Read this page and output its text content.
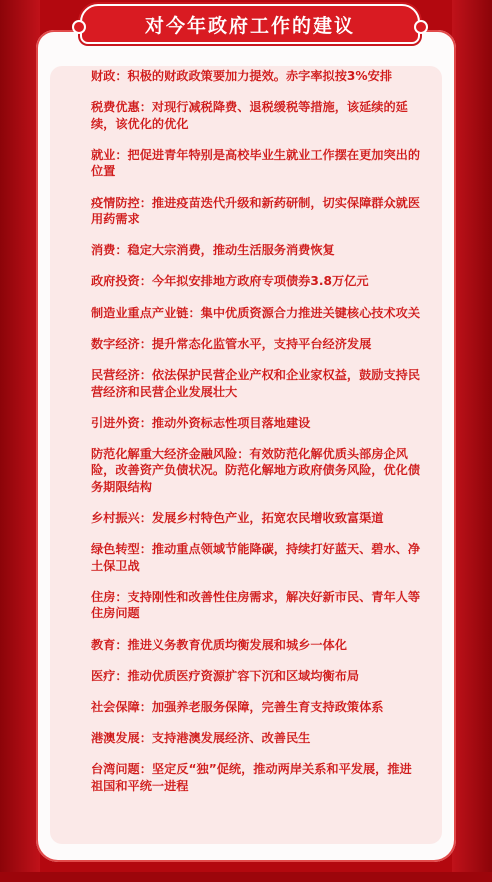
对今年政府工作的建议
财政：积极的财政政策要加力提效。赤字率拟按3%安排
税费优惠：对现行减税降费、退税缓税等措施，该延续的延续，该优化的优化
就业：把促进青年特别是高校毕业生就业工作摆在更加突出的位置
疫情防控：推进疫苗迭代升级和新药研制，切实保障群众就医用药需求
消费：稳定大宗消费，推动生活服务消费恢复
政府投资：今年拟安排地方政府专项债券3.8万亿元
制造业重点产业链：集中优质资源合力推进关键核心技术攻关
数字经济：提升常态化监管水平，支持平台经济发展
民营经济：依法保护民营企业产权和企业家权益，鼓励支持民营经济和民营企业发展壮大
引进外资：推动外资标志性项目落地建设
防范化解重大经济金融风险：有效防范化解优质头部房企风险，改善资产负债状况。防范化解地方政府债务风险，优化债务期限结构
乡村振兴：发展乡村特色产业，拓宽农民增收致富渠道
绿色转型：推动重点领域节能降碳，持续打好蓝天、碧水、净土保卫战
住房：支持刚性和改善性住房需求，解决好新市民、青年人等住房问题
教育：推进义务教育优质均衡发展和城乡一体化
医疗：推动优质医疗资源扩容下沉和区域均衡布局
社会保障：加强养老服务保障，完善生育支持政策体系
港澳发展：支持港澳发展经济、改善民生
台湾问题：坚定反“独”促统，推动两岸关系和平发展，推进祖国和平统一进程
